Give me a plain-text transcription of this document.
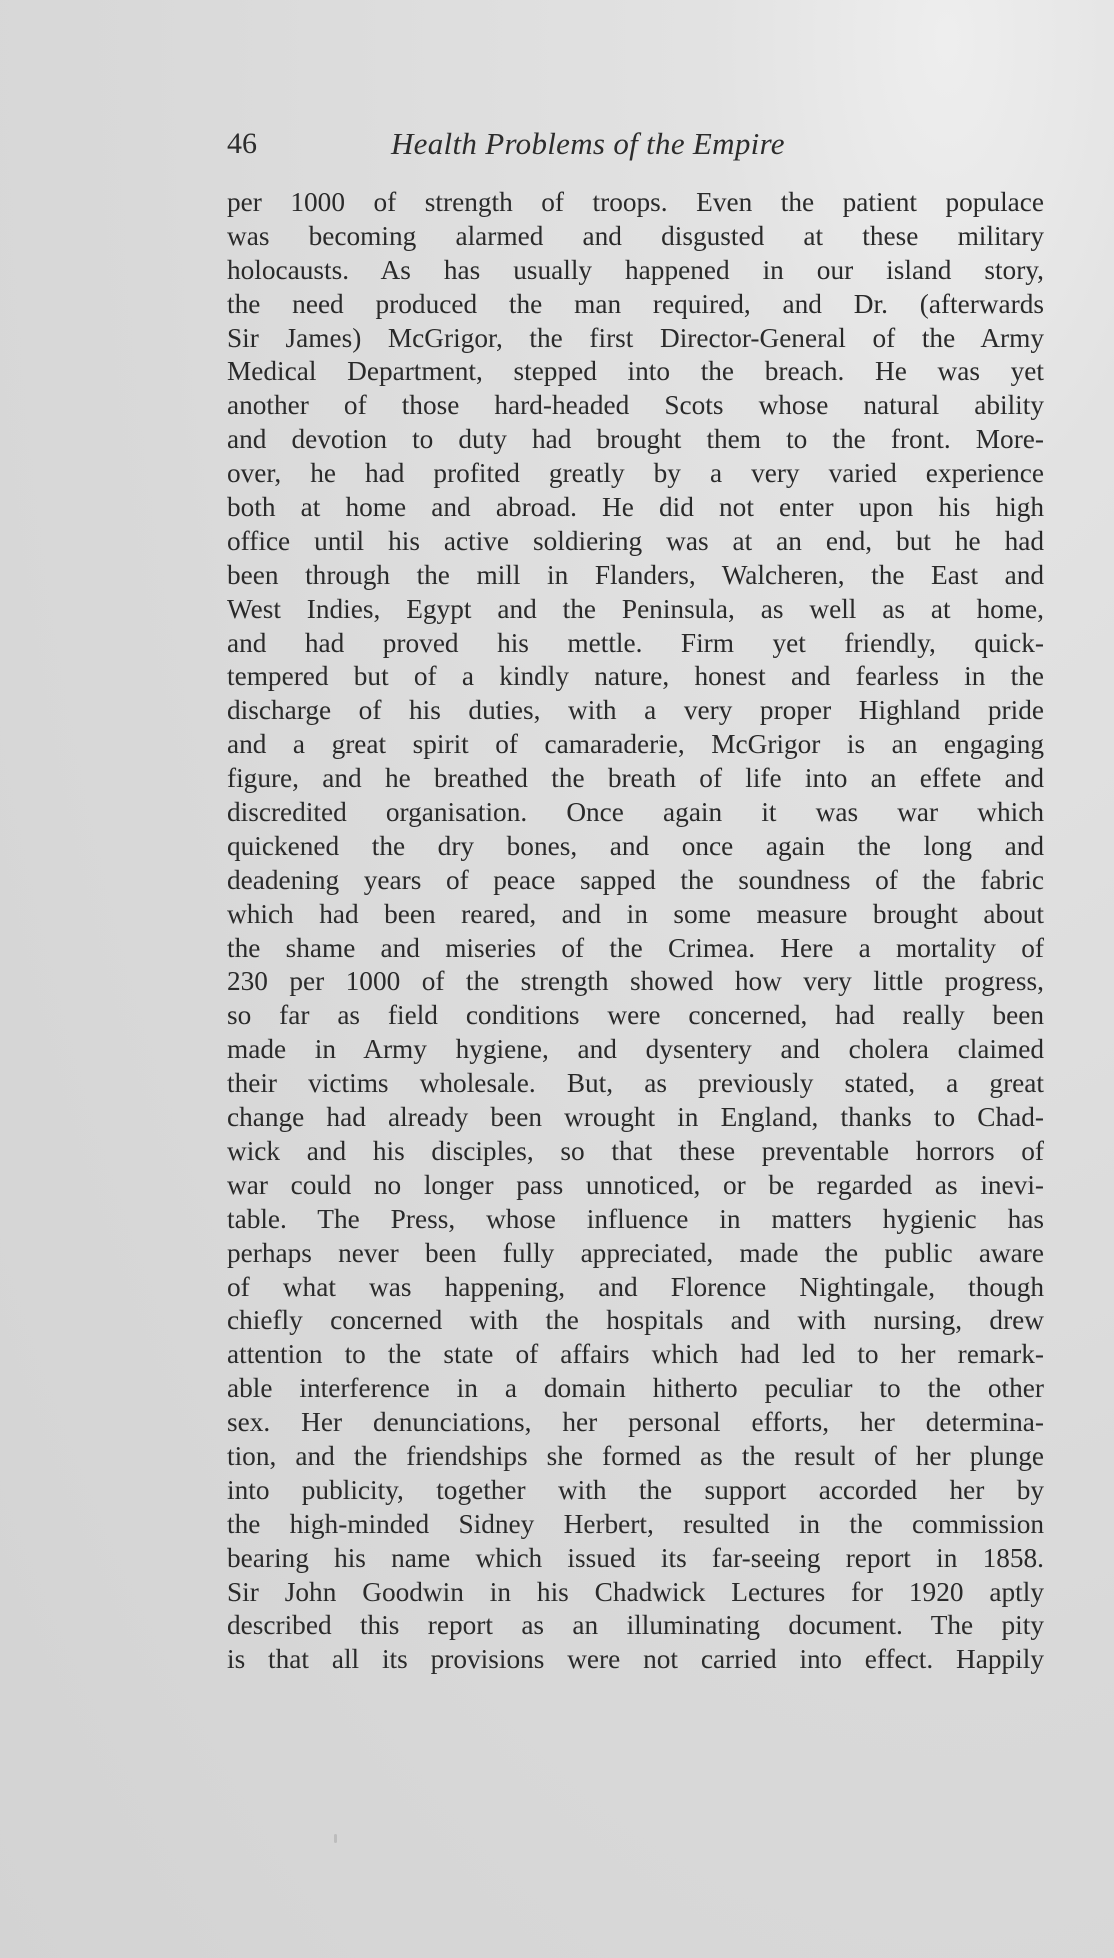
46	Health Problems of the Empire
per 1000 of strength of troops. Even the patient populace
was becoming alarmed and disgusted at these military
holocausts. As has usually happened in our island story,
the need produced the man required, and Dr. (afterwards
Sir James) McGrigor, the first Director-General of the Army
Medical Department, stepped into the breach. He was yet
another of those hard-headed Scots whose natural ability
and devotion to duty had brought them to the front. More-
over, he had profited greatly by a very varied experience
both at home and abroad. He did not enter upon his high
office until his active soldiering was at an end, but he had
been through the mill in Flanders, Walcheren, the East and
West Indies, Egypt and the Peninsula, as well as at home,
and had proved his mettle. Firm yet friendly, quick-
tempered but of a kindly nature, honest and fearless in the
discharge of his duties, with a very proper Highland pride
and a great spirit of camaraderie, McGrigor is an engaging
figure, and he breathed the breath of life into an effete and
discredited organisation. Once again it was war which
quickened the dry bones, and once again the long and
deadening years of peace sapped the soundness of the fabric
which had been reared, and in some measure brought about
the shame and miseries of the Crimea. Here a mortality of
230 per 1000 of the strength showed how very little progress,
so far as field conditions were concerned, had really been
made in Army hygiene, and dysentery and cholera claimed
their victims wholesale. But, as previously stated, a great
change had already been wrought in England, thanks to Chad-
wick and his disciples, so that these preventable horrors of
war could no longer pass unnoticed, or be regarded as inevi-
table. The Press, whose influence in matters hygienic has
perhaps never been fully appreciated, made the public aware
of what was happening, and Florence Nightingale, though
chiefly concerned with the hospitals and with nursing, drew
attention to the state of affairs which had led to her remark-
able interference in a domain hitherto peculiar to the other
sex. Her denunciations, her personal efforts, her determina-
tion, and the friendships she formed as the result of her plunge
into publicity, together with the support accorded her by
the high-minded Sidney Herbert, resulted in the commission
bearing his name which issued its far-seeing report in 1858.
Sir John Goodwin in his Chadwick Lectures for 1920 aptly
described this report as an illuminating document. The pity
is that all its provisions were not carried into effect. Happily
